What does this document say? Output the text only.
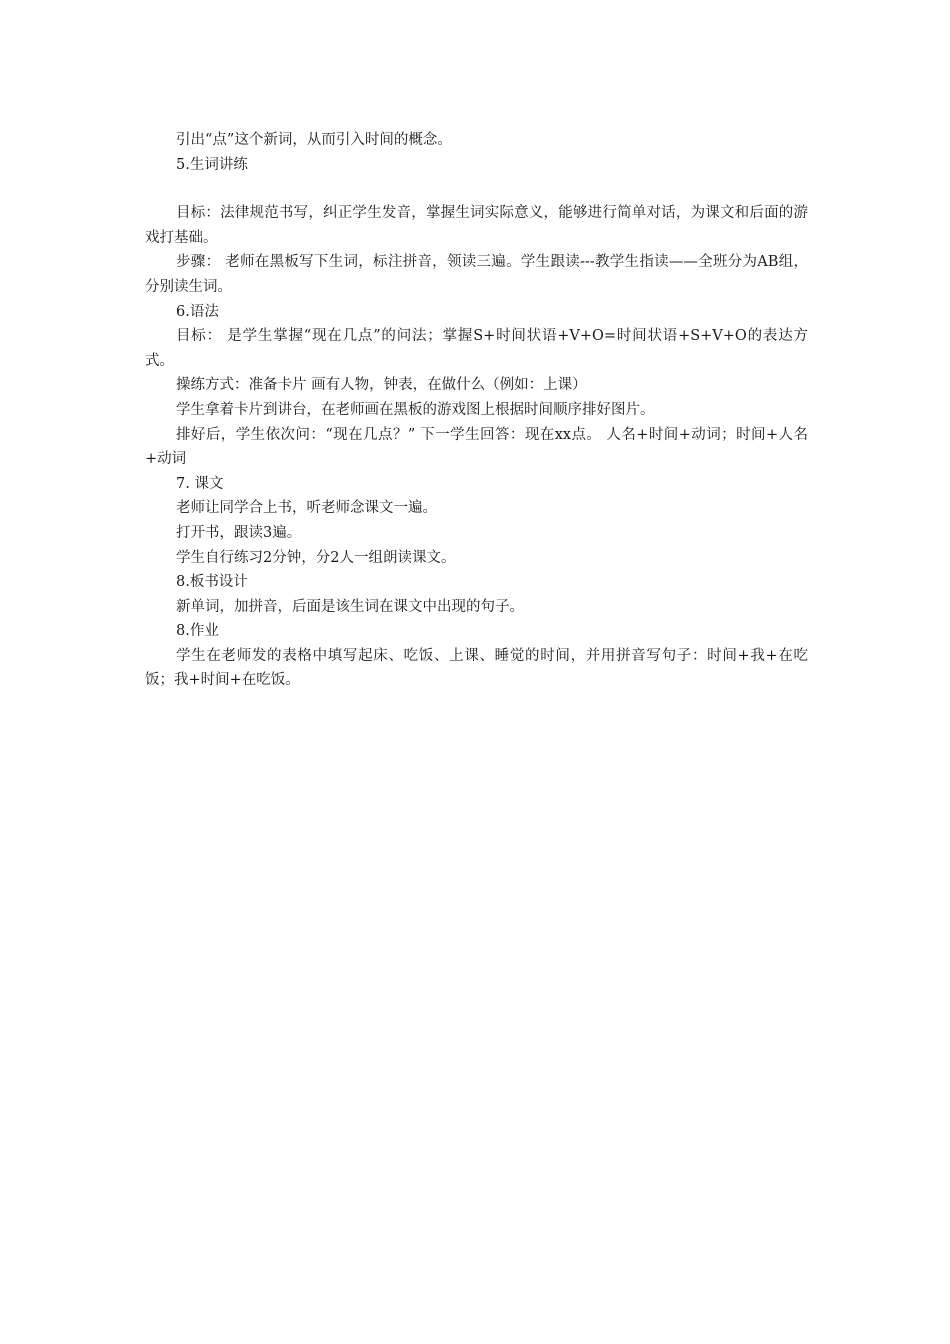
引出“点”这个新词，从而引入时间的概念。

5.生词讲练

目标：法律规范书写，纠正学生发音，掌握生词实际意义，能够进行简单对话，为课文和后面的游戏打基础。

步骤： 老师在黑板写下生词，标注拼音，领读三遍。学生跟读---教学生指读——全班分为AB组，分别读生词。

6.语法

目标： 是学生掌握“现在几点”的问法；掌握S+时间状语+V+O=时间状语+S+V+O的表达方式。

操练方式：准备卡片 画有人物，钟表，在做什么（例如：上课）

学生拿着卡片到讲台，在老师画在黑板的游戏图上根据时间顺序排好图片。

排好后，学生依次问：“现在几点？” 下一学生回答：现在xx点。 人名+时间+动词；时间+人名+动词

7. 课文

老师让同学合上书，听老师念课文一遍。

打开书，跟读3遍。

学生自行练习2分钟，分2人一组朗读课文。

8.板书设计

新单词，加拼音，后面是该生词在课文中出现的句子。

8.作业

学生在老师发的表格中填写起床、吃饭、上课、睡觉的时间，并用拼音写句子：时间+我+在吃饭；我+时间+在吃饭。
